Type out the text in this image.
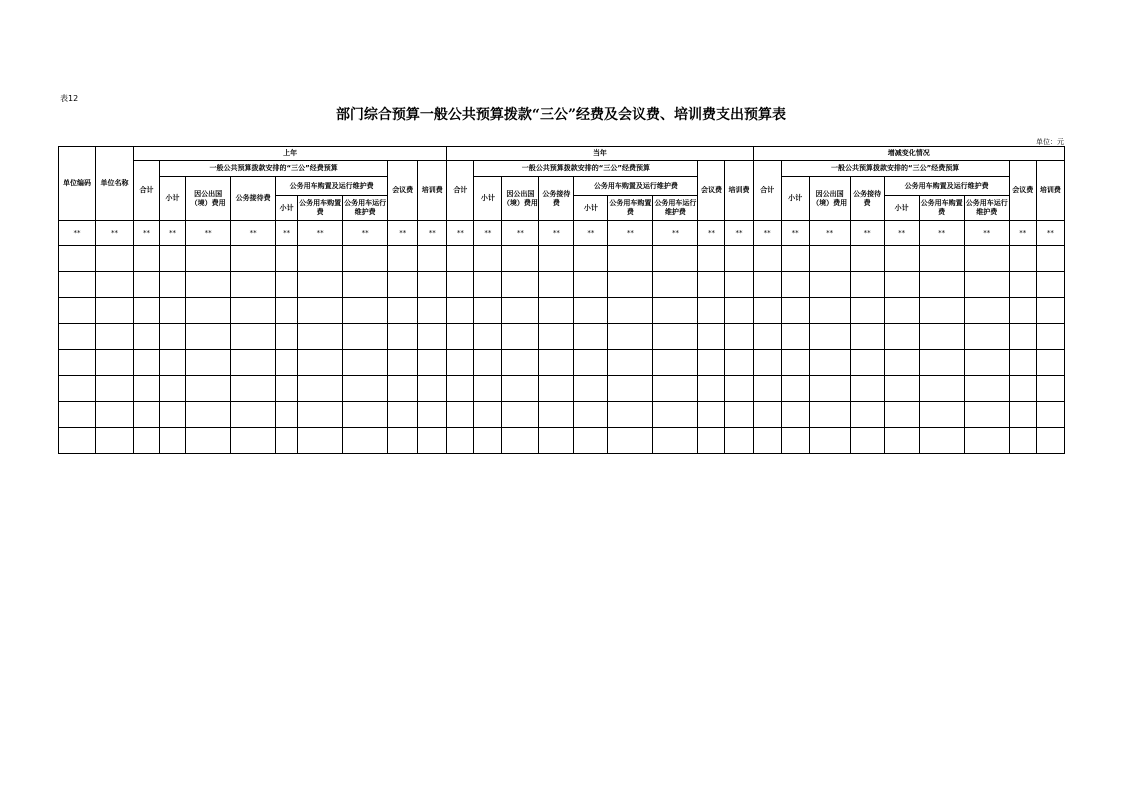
表12
部门综合预算一般公共预算拨款“三公”经费及会议费、培训费支出预算表
单位：元
单位编码	单位名称	上年									当年									增减变化情况								
		合计	一般公共预算拨款安排的“三公”经费预算						会议费	培训费	合计	一般公共预算拨款安排的“三公”经费预算						会议费	培训费	合计	一般公共预算拨款安排的“三公”经费预算						会议费	培训费
			小计	因公出国（境）费用	公务接待费	公务用车购置及运行维护费						小计	因公出国（境）费用	公务接待费	公务用车购置及运行维护费						小计	因公出国（境）费用	公务接待费	公务用车购置及运行维护费				
						小计	公务用车购置费	公务用车运行维护费							小计	公务用车购置费	公务用车运行维护费							小计	公务用车购置费	公务用车运行维护费		
**	**	**	**	**	**	**	**	**	**	**	**	**	**	**	**	**	**	**	**	**	**	**	**	**	**	**	**	**
